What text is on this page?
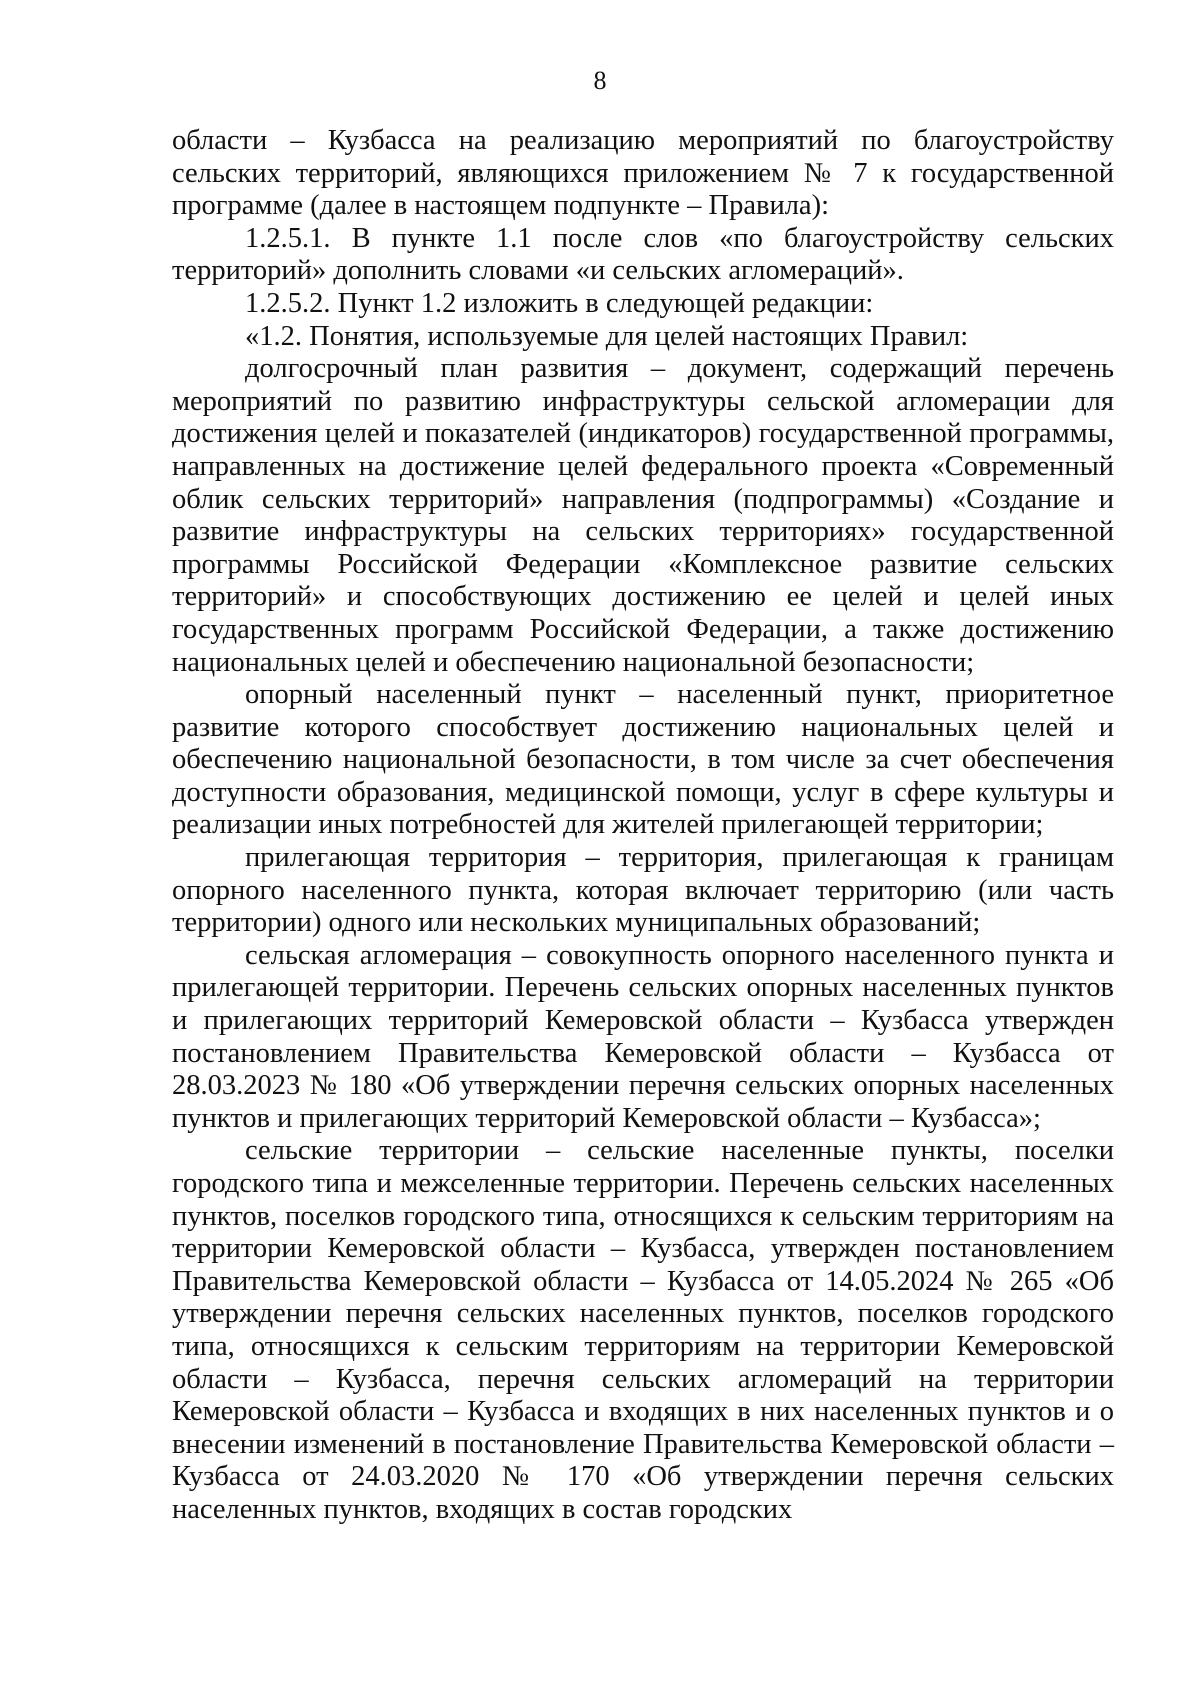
8

области – Кузбасса на реализацию мероприятий по благоустройству сельских территорий, являющихся приложением № 7 к государственной программе (далее в настоящем подпункте – Правила):

1.2.5.1. В пункте 1.1 после слов «по благоустройству сельских территорий» дополнить словами «и сельских агломераций».

1.2.5.2. Пункт 1.2 изложить в следующей редакции:

«1.2. Понятия, используемые для целей настоящих Правил:

долгосрочный план развития – документ, содержащий перечень мероприятий по развитию инфраструктуры сельской агломерации для достижения целей и показателей (индикаторов) государственной программы, направленных на достижение целей федерального проекта «Современный облик сельских территорий» направления (подпрограммы) «Создание и развитие инфраструктуры на сельских территориях» государственной программы Российской Федерации «Комплексное развитие сельских территорий» и способствующих достижению ее целей и целей иных государственных программ Российской Федерации, а также достижению национальных целей и обеспечению национальной безопасности;

опорный населенный пункт – населенный пункт, приоритетное развитие которого способствует достижению национальных целей и обеспечению национальной безопасности, в том числе за счет обеспечения доступности образования, медицинской помощи, услуг в сфере культуры и реализации иных потребностей для жителей прилегающей территории;

прилегающая территория – территория, прилегающая к границам опорного населенного пункта, которая включает территорию (или часть территории) одного или нескольких муниципальных образований;

сельская агломерация – совокупность опорного населенного пункта и прилегающей территории. Перечень сельских опорных населенных пунктов и прилегающих территорий Кемеровской области – Кузбасса утвержден постановлением Правительства Кемеровской области – Кузбасса от 28.03.2023 № 180 «Об утверждении перечня сельских опорных населенных пунктов и прилегающих территорий Кемеровской области – Кузбасса»;

сельские территории – сельские населенные пункты, поселки городского типа и межселенные территории. Перечень сельских населенных пунктов, поселков городского типа, относящихся к сельским территориям на территории Кемеровской области – Кузбасса, утвержден постановлением Правительства Кемеровской области – Кузбасса от 14.05.2024 № 265 «Об утверждении перечня сельских населенных пунктов, поселков городского типа, относящихся к сельским территориям на территории Кемеровской области – Кузбасса, перечня сельских агломераций на территории Кемеровской области – Кузбасса и входящих в них населенных пунктов и о внесении изменений в постановление Правительства Кемеровской области – Кузбасса от 24.03.2020 № 170 «Об утверждении перечня сельских населенных пунктов, входящих в состав городских
